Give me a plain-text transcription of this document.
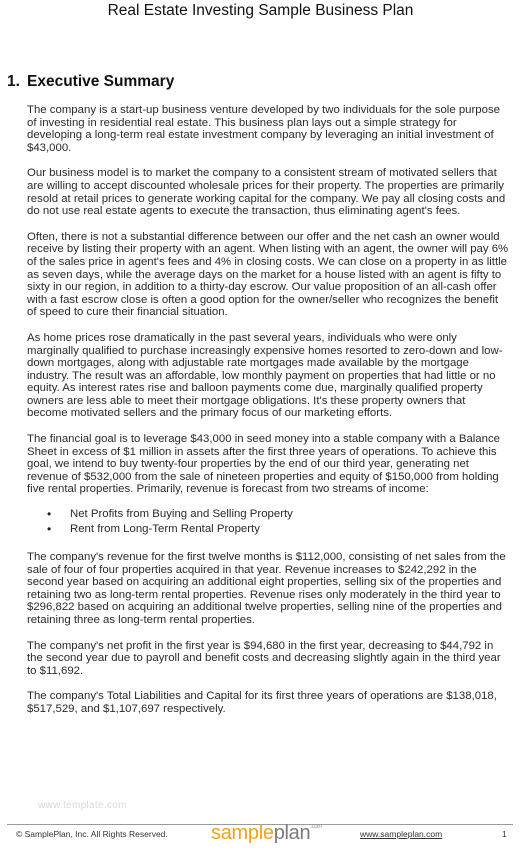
Real Estate Investing Sample Business Plan
1. Executive Summary

The company is a start-up business venture developed by two individuals for the sole purpose of investing in residential real estate. This business plan lays out a simple strategy for developing a long-term real estate investment company by leveraging an initial investment of $43,000.

Our business model is to market the company to a consistent stream of motivated sellers that are willing to accept discounted wholesale prices for their property. The properties are primarily resold at retail prices to generate working capital for the company. We pay all closing costs and do not use real estate agents to execute the transaction, thus eliminating agent's fees.

Often, there is not a substantial difference between our offer and the net cash an owner would receive by listing their property with an agent. When listing with an agent, the owner will pay 6% of the sales price in agent's fees and 4% in closing costs. We can close on a property in as little as seven days, while the average days on the market for a house listed with an agent is fifty to sixty in our region, in addition to a thirty-day escrow. Our value proposition of an all-cash offer with a fast escrow close is often a good option for the owner/seller who recognizes the benefit of speed to cure their financial situation.

As home prices rose dramatically in the past several years, individuals who were only marginally qualified to purchase increasingly expensive homes resorted to zero-down and low-down mortgages, along with adjustable rate mortgages made available by the mortgage industry. The result was an affordable, low monthly payment on properties that had little or no equity. As interest rates rise and balloon payments come due, marginally qualified property owners are less able to meet their mortgage obligations. It's these property owners that become motivated sellers and the primary focus of our marketing efforts.

The financial goal is to leverage $43,000 in seed money into a stable company with a Balance Sheet in excess of $1 million in assets after the first three years of operations. To achieve this goal, we intend to buy twenty-four properties by the end of our third year, generating net revenue of $532,000 from the sale of nineteen properties and equity of $150,000 from holding five rental properties. Primarily, revenue is forecast from two streams of income:

• Net Profits from Buying and Selling Property
• Rent from Long-Term Rental Property

The company's revenue for the first twelve months is $112,000, consisting of net sales from the sale of four of four properties acquired in that year. Revenue increases to $242,292 in the second year based on acquiring an additional eight properties, selling six of the properties and retaining two as long-term rental properties. Revenue rises only moderately in the third year to $296,822 based on acquiring an additional twelve properties, selling nine of the properties and retaining three as long-term rental properties.

The company's net profit in the first year is $94,680 in the first year, decreasing to $44,792 in the second year due to payroll and benefit costs and decreasing slightly again in the third year to $11,692.

The company's Total Liabilities and Capital for its first three years of operations are $138,018, $517,529, and $1,107,697 respectively.

www.template.com
© SamplePlan, Inc. All Rights Reserved. sampleplan$^{.com}$
www.sampleplan.com	1
